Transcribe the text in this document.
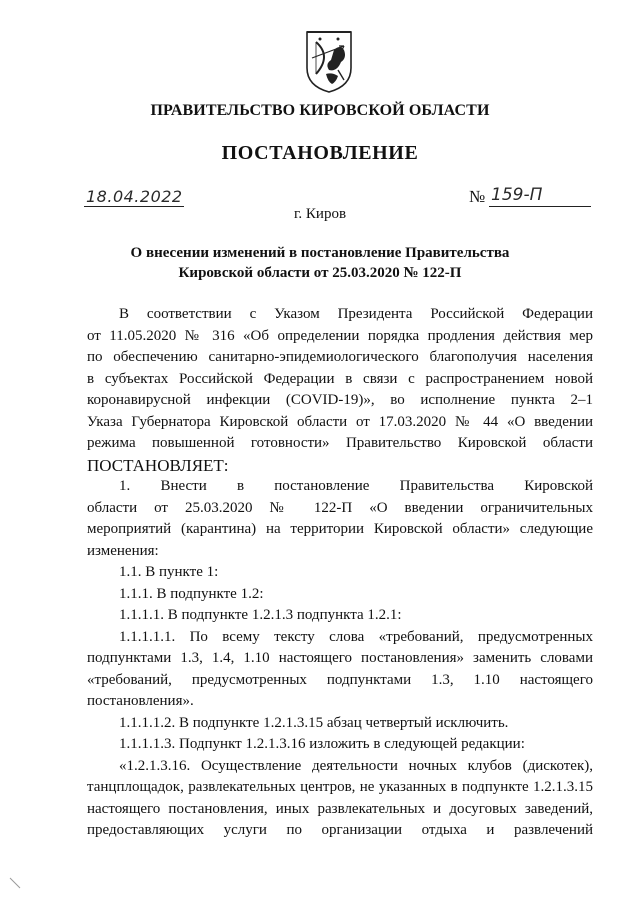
ПРАВИТЕЛЬСТВО КИРОВСКОЙ ОБЛАСТИ
ПОСТАНОВЛЕНИЕ
18.04.2022	№ 159-П
г. Киров
О внесении изменений в постановление Правительства
Кировской области от 25.03.2020 № 122-П

В соответствии с Указом Президента Российской Федерации

от 11.05.2020 № 316 «Об определении порядка продления действия мер

по обеспечению санитарно-эпидемиологического благополучия населения

в субъектах Российской Федерации в связи с распространением новой

коронавирусной инфекции (COVID-19)», во исполнение пункта 2–1

Указа Губернатора Кировской области от 17.03.2020 № 44 «О введении

режима повышенной готовности» Правительство Кировской области

ПОСТАНОВЛЯЕТ:

1. Внести в постановление Правительства Кировской

области от 25.03.2020 № 122-П «О введении ограничительных

мероприятий (карантина) на территории Кировской области» следующие

изменения:

1.1. В пункте 1:

1.1.1. В подпункте 1.2:

1.1.1.1. В подпункте 1.2.1.3 подпункта 1.2.1:

1.1.1.1.1. По всему тексту слова «требований, предусмотренных

подпунктами 1.3, 1.4, 1.10 настоящего постановления» заменить словами

«требований, предусмотренных подпунктами 1.3, 1.10 настоящего

постановления».

1.1.1.1.2. В подпункте 1.2.1.3.15 абзац четвертый исключить.

1.1.1.1.3. Подпункт 1.2.1.3.16 изложить в следующей редакции:

«1.2.1.3.16. Осуществление деятельности ночных клубов (дискотек),

танцплощадок, развлекательных центров, не указанных в подпункте 1.2.1.3.15

настоящего постановления, иных развлекательных и досуговых заведений,

предоставляющих услуги по организации отдыха и развлечений
